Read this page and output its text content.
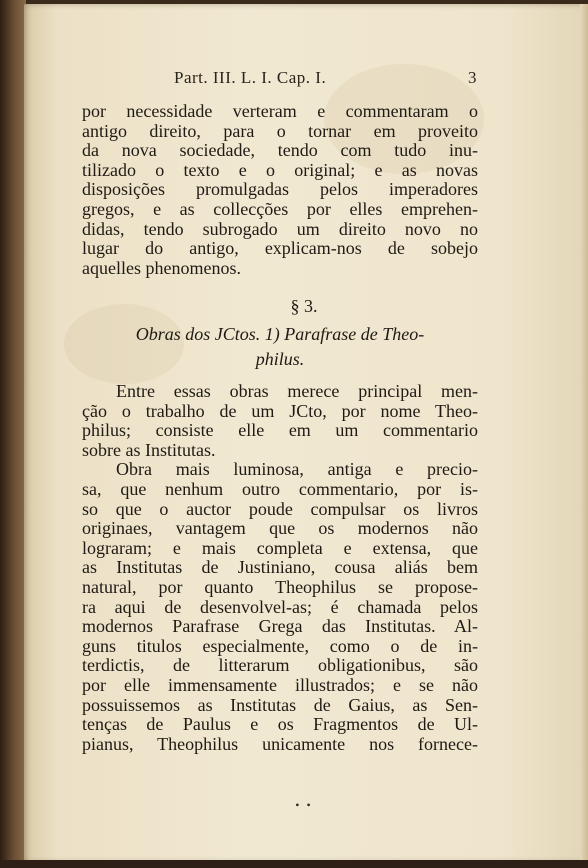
Part. III. L. I. Cap. I.	3
por necessidade verteram e commentaram o
antigo direito, para o tornar em proveito
da nova sociedade, tendo com tudo inu-
tilizado o texto e o original; e as novas
disposições promulgadas pelos imperadores
gregos, e as collecções por elles emprehen-
didas, tendo subrogado um direito novo no
lugar do antigo, explicam-nos de sobejo
aquelles phenomenos.
§ 3.
Obras dos JCtos. 1) Parafrase de Theo-
philus.
Entre essas obras merece principal men-
ção o trabalho de um JCto, por nome Theo-
philus; consiste elle em um commentario
sobre as Institutas.
Obra mais luminosa, antiga e precio-
sa, que nenhum outro commentario, por is-
so que o auctor poude compulsar os livros
originaes, vantagem que os modernos não
lograram; e mais completa e extensa, que
as Institutas de Justiniano, cousa aliás bem
natural, por quanto Theophilus se propose-
ra aqui de desenvolvel-as; é chamada pelos
modernos Parafrase Grega das Institutas. Al-
guns titulos especialmente, como o de in-
terdictis, de litterarum obligationibus, são
por elle immensamente illustrados; e se não
possuissemos as Institutas de Gaius, as Sen-
tenças de Paulus e os Fragmentos de Ul-
pianus, Theophilus unicamente nos fornece-
• •
